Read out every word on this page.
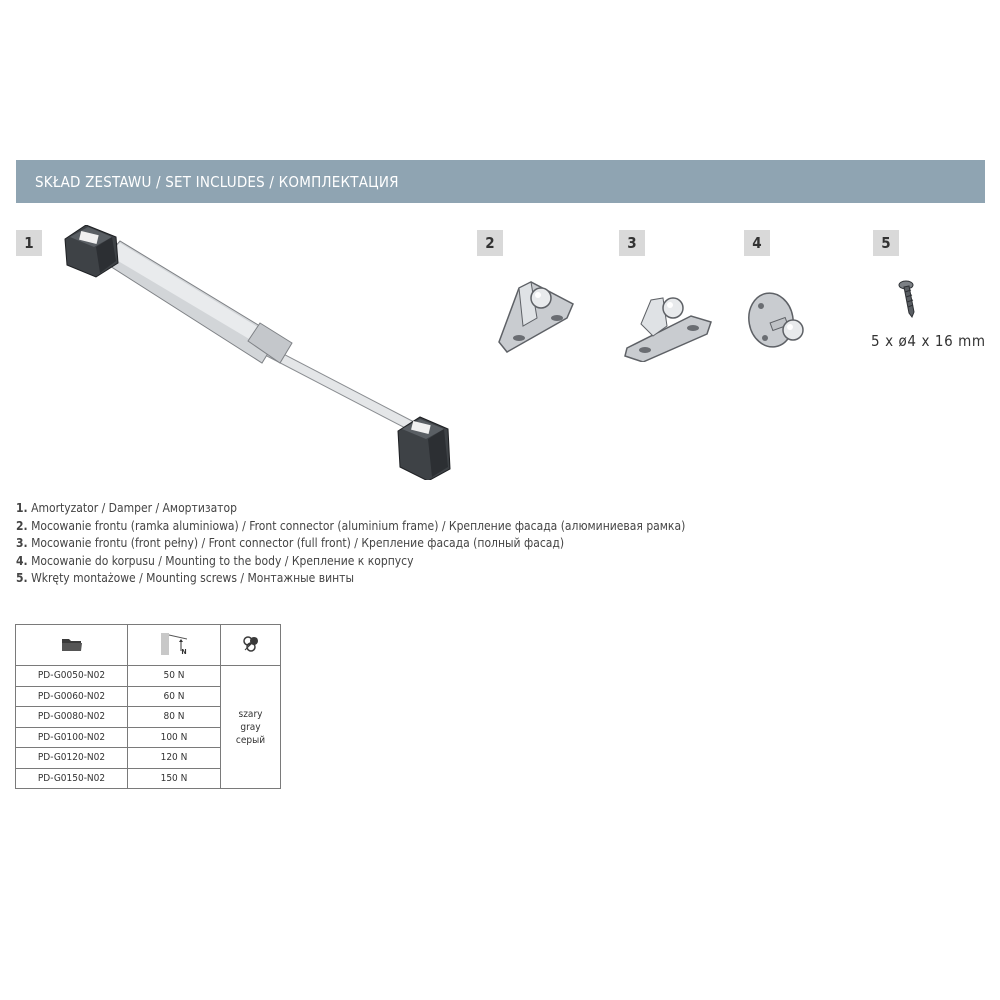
SKŁAD ZESTAWU / SET INCLUDES / КОМПЛЕКТАЦИЯ
1	2	3	4	5
5 x ø4 x 16 mm
1. Amortyzator / Damper / Амортизатор
2. Mocowanie frontu (ramka aluminiowa) / Front connector (aluminium frame) / Крепление фасада (алюминиевая рамка)
3. Mocowanie frontu (front pełny) / Front connector (full front) / Крепление фасада (полный фасад)
4. Mocowanie do korpusu / Mounting to the body / Крепление к корпусу
5. Wkręty montażowe / Mounting screws / Монтажные винты

N

PD-G0050-N02	50 N	szary
gray
серый
PD-G0060-N02	60 N	
PD-G0080-N02	80 N	
PD-G0100-N02	100 N	
PD-G0120-N02	120 N	
PD-G0150-N02	150 N	
